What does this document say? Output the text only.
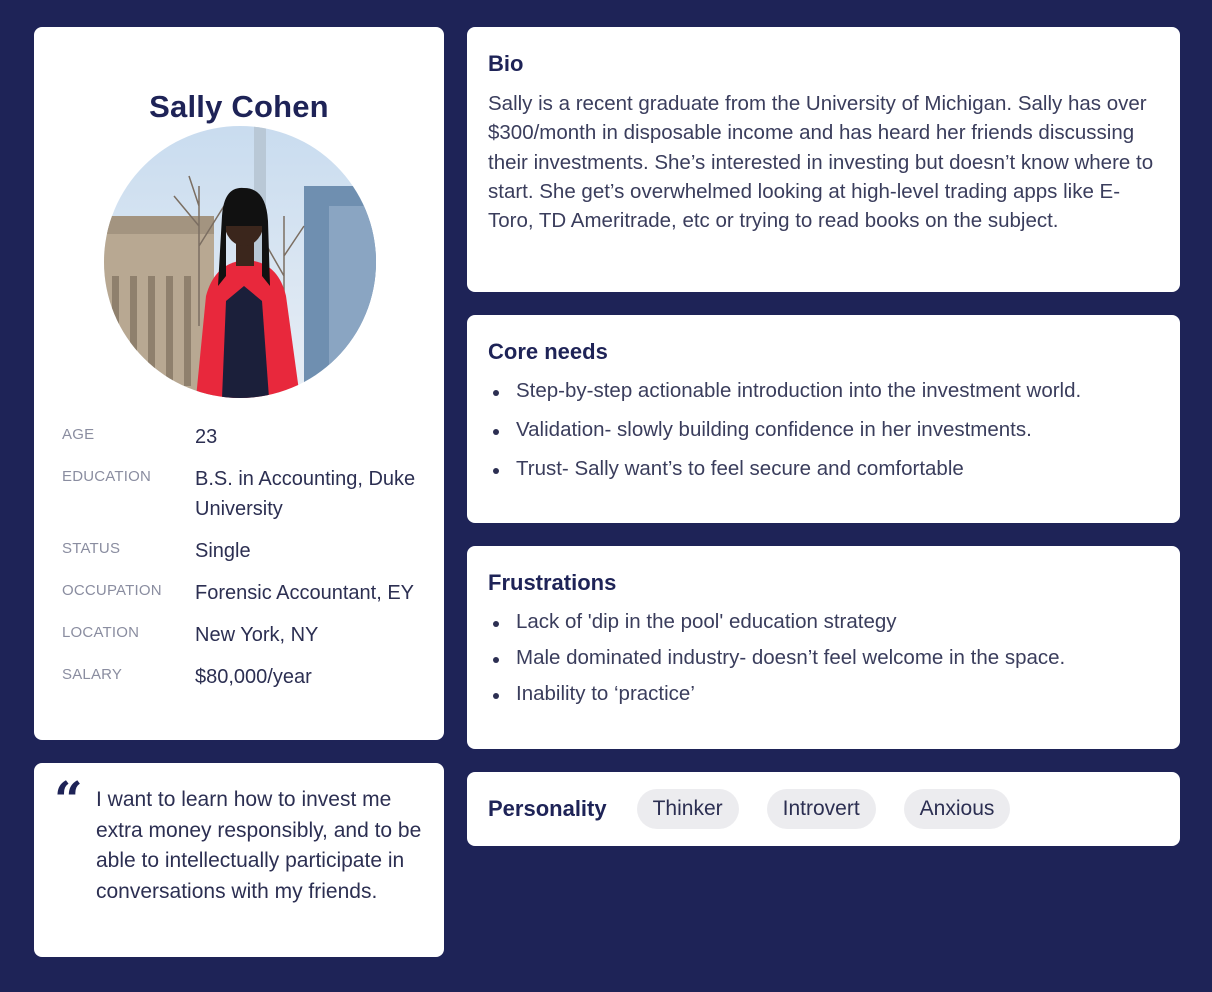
Sally Cohen
AGE	23
EDUCATION	B.S. in Accounting, Duke University
STATUS	Single
OCCUPATION	Forensic Accountant, EY
LOCATION	New York, NY
SALARY	$80,000/year
“ I want to learn how to invest me extra money responsibly, and to be able to intellectually participate in conversations with my friends.
Bio
Sally is a recent graduate from the University of Michigan. Sally has over $300/month in disposable income and has heard her friends discussing their investments. She’s interested in investing but doesn’t know where to start. She get’s overwhelmed looking at high-level trading apps like E-Toro, TD Ameritrade, etc or trying to read books on the subject.
Core needs
Step-by-step actionable introduction into the investment world.
Validation- slowly building confidence in her investments.
Trust- Sally want’s to feel secure and comfortable
Frustrations
Lack of 'dip in the pool' education strategy
Male dominated industry- doesn’t feel welcome in the space.
Inability to ‘practice’
Personality	Thinker	Introvert	Anxious
